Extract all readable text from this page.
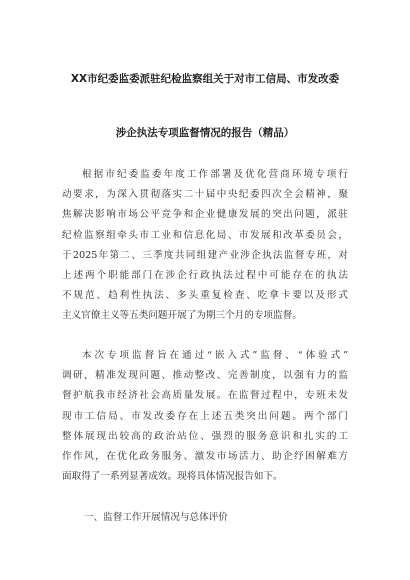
XX市纪委监委派驻纪检监察组关于对市工信局、市发改委
涉企执法专项监督情况的报告（精品）
根据市纪委监委年度工作部署及优化营商环境专项行
动要求，为深入贯彻落实二十届中央纪委四次全会精神，聚
焦解决影响市场公平竞争和企业健康发展的突出问题，派驻
纪检监察组牵头市工业和信息化局、市发展和改革委员会，
于2025年第二、三季度共同组建产业涉企执法监督专班，对
上述两个职能部门在涉企行政执法过程中可能存在的执法
不规范、趋利性执法、多头重复检查、吃拿卡要以及形式
主义官僚主义等五类问题开展了为期三个月的专项监督。
本次专项监督旨在通过“嵌入式”监督、“体验式”
调研，精准发现问题、推动整改、完善制度，以强有力的监
督护航我市经济社会高质量发展。在监督过程中，专班未发
现市工信局、市发改委存在上述五类突出问题。两个部门
整体展现出较高的政治站位、强烈的服务意识和扎实的工
作作风，在优化政务服务、激发市场活力、助企纾困解难方
面取得了一系列显著成效。现将具体情况报告如下。
一、监督工作开展情况与总体评价
